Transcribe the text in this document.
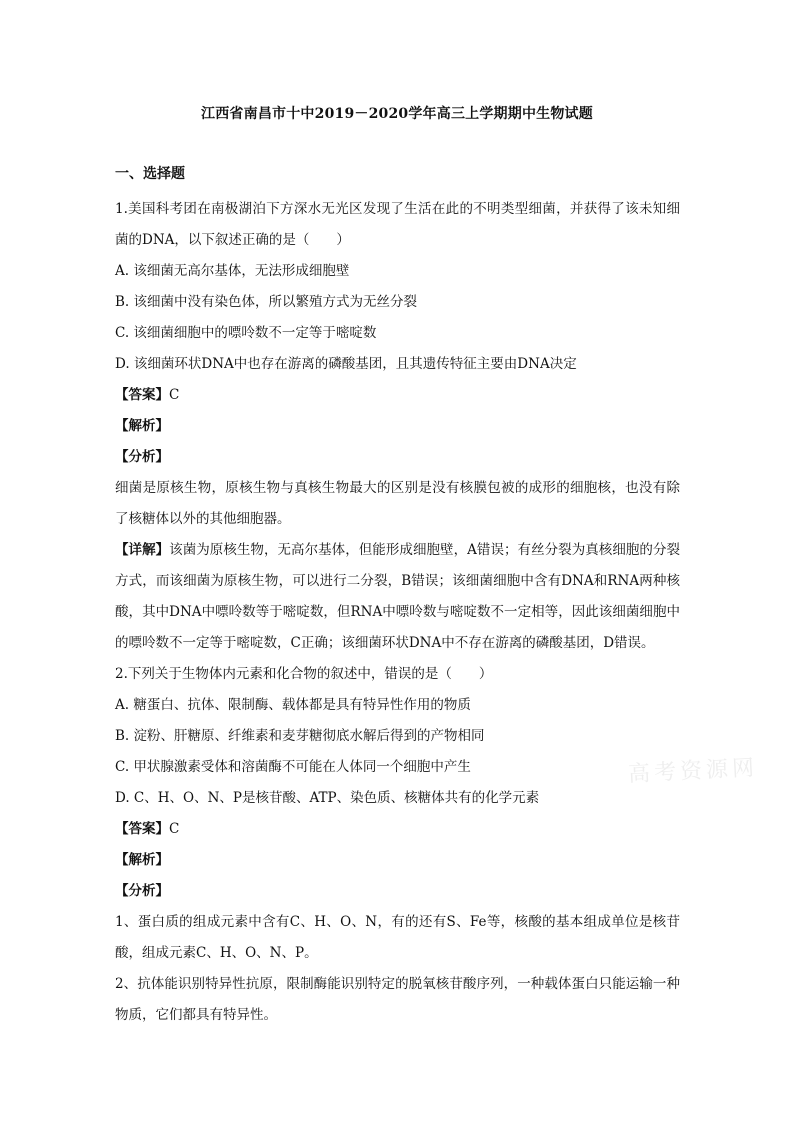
江西省南昌市十中2019－2020学年高三上学期期中生物试题
高考资源网
一、选择题
1.美国科考团在南极湖泊下方深水无光区发现了生活在此的不明类型细菌，并获得了该未知细菌的DNA，以下叙述正确的是（　　）
A. 该细菌无高尔基体，无法形成细胞壁
B. 该细菌中没有染色体，所以繁殖方式为无丝分裂
C. 该细菌细胞中的嘌呤数不一定等于嘧啶数
D. 该细菌环状DNA中也存在游离的磷酸基团，且其遗传特征主要由DNA决定
【答案】C
【解析】
【分析】
细菌是原核生物，原核生物与真核生物最大的区别是没有核膜包被的成形的细胞核，也没有除了核糖体以外的其他细胞器。
【详解】该菌为原核生物，无高尔基体，但能形成细胞壁，A错误；有丝分裂为真核细胞的分裂方式，而该细菌为原核生物，可以进行二分裂，B错误；该细菌细胞中含有DNA和RNA两种核酸，其中DNA中嘌呤数等于嘧啶数，但RNA中嘌呤数与嘧啶数不一定相等，因此该细菌细胞中的嘌呤数不一定等于嘧啶数，C正确；该细菌环状DNA中不存在游离的磷酸基团，D错误。
2.下列关于生物体内元素和化合物的叙述中，错误的是（　　）
A. 糖蛋白、抗体、限制酶、载体都是具有特异性作用的物质
B. 淀粉、肝糖原、纤维素和麦芽糖彻底水解后得到的产物相同
C. 甲状腺激素受体和溶菌酶不可能在人体同一个细胞中产生
D. C、H、O、N、P是核苷酸、ATP、染色质、核糖体共有的化学元素
【答案】C
【解析】
【分析】
1、蛋白质的组成元素中含有C、H、O、N，有的还有S、Fe等，核酸的基本组成单位是核苷酸，组成元素C、H、O、N、P。
2、抗体能识别特异性抗原，限制酶能识别特定的脱氧核苷酸序列，一种载体蛋白只能运输一种物质，它们都具有特异性。
